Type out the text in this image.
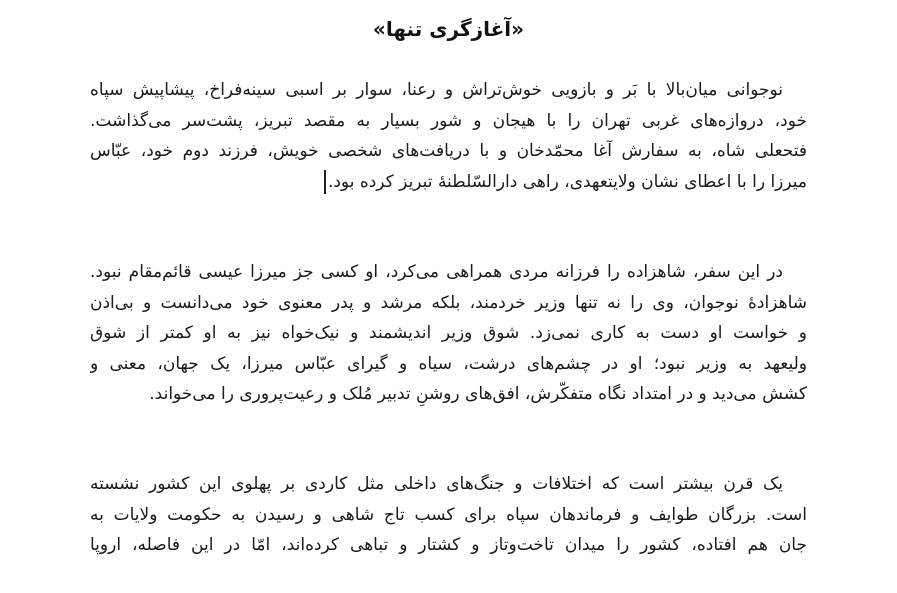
«آغازگری تنها»

نوجوانی میان‌بالا با بَر و بازویی خوش‌تراش و رعنا، سوار بر اسبی سینه‌فراخ، پیشاپیش سپاه
خود، دروازه‌های غربی تهران را با هیجان و شور بسیار به مقصد تبریز، پشت‌سر می‌گذاشت.
فتحعلی شاه، به سفارش آغا محمّدخان و با دریافت‌های شخصی خویش، فرزند دوم خود، عبّاس
میرزا را با اعطای نشان ولایتعهدی، راهی دارالسّلطنهٔ تبریز کرده بود.

در این سفر، شاهزاده را فرزانه مردی همراهی می‌کرد، او کسی جز میرزا عیسی قائم‌مقام نبود.
شاهزادهٔ نوجوان، وی را نه تنها وزیر خردمند، بلکه مرشد و پدر معنوی خود می‌دانست و بی‌اذن
و خواست او دست به کاری نمی‌زد. شوق وزیر اندیشمند و نیک‌خواه نیز به او کمتر از شوق
ولیعهد به وزیر نبود؛ او در چشم‌های درشت، سیاه و گیرای عبّاس میرزا، یک جهان، معنی و
کشش می‌دید و در امتداد نگاه متفکّرش، افق‌های روشنِ تدبیر مُلک و رعیت‌پروری را می‌خواند.

یک قرن بیشتر است که اختلافات و جنگ‌های داخلی مثل کاردی بر پهلوی این کشور نشسته
است. بزرگان طوایف و فرماندهان سپاه برای کسب تاج شاهی و رسیدن به حکومت ولایات به
جان هم افتاده، کشور را میدان تاخت‌وتاز و کشتار و تباهی کرده‌اند، امّا در این فاصله، اروپا
